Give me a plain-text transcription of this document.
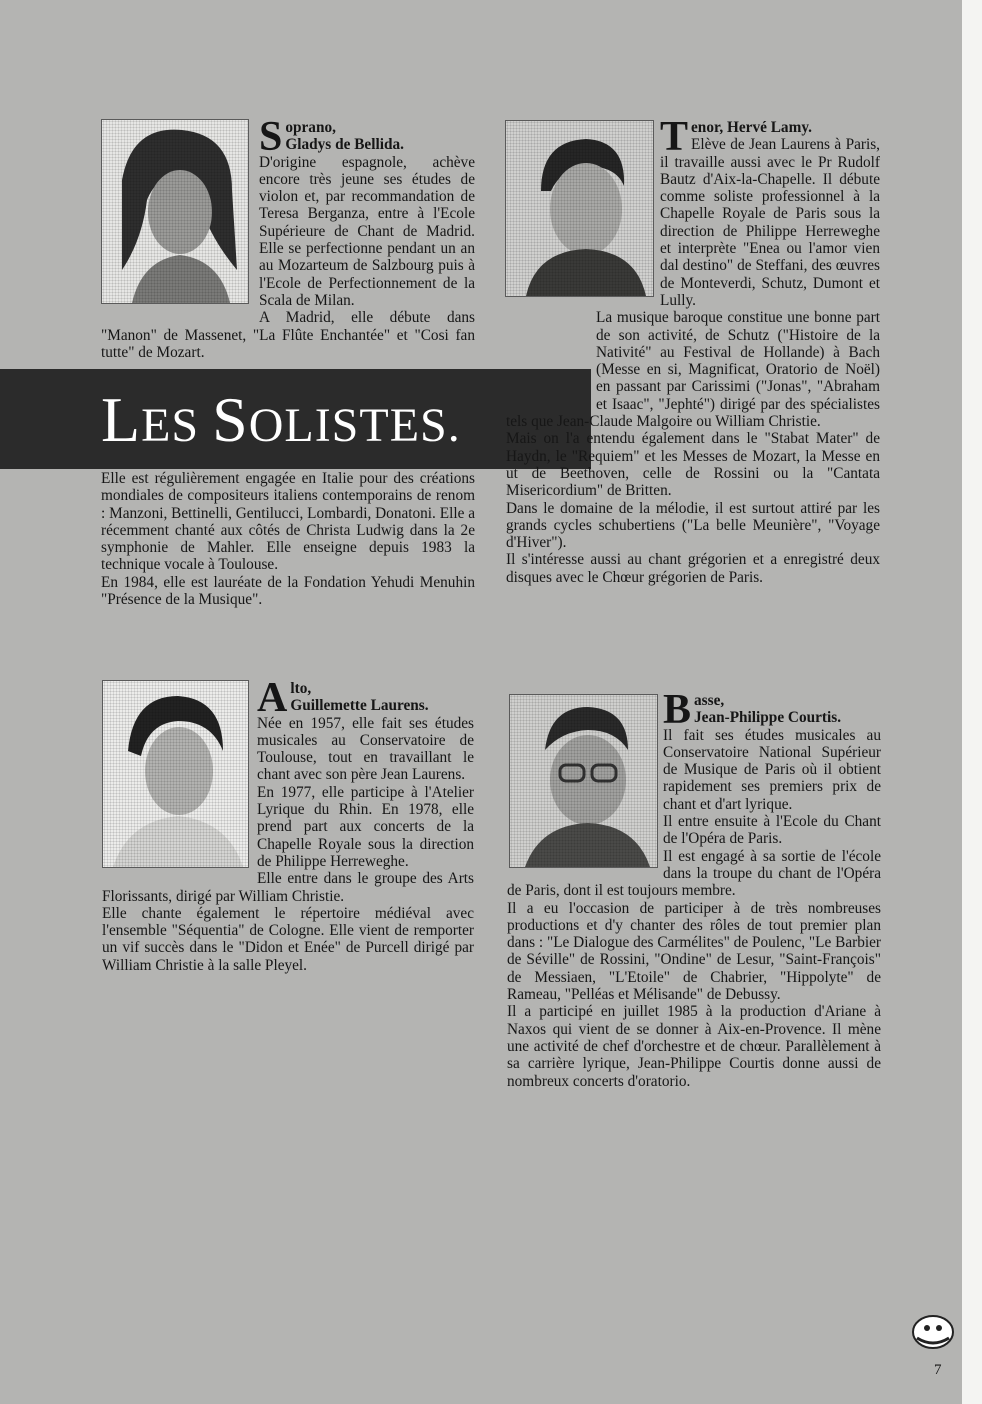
S oprano,
Gladys de Bellida.
D'origine espagnole, achève encore très jeune ses études de violon et, par recommandation de Teresa Berganza, entre à l'Ecole Supérieure de Chant de Madrid. Elle se perfectionne pendant un an au Mozarteum de Salzbourg puis à l'Ecole de Perfectionnement de la Scala de Milan.

A Madrid, elle débute dans "Manon" de Massenet, "La Flûte Enchantée" et "Cosi fan tutte" de Mozart.

LES SOLISTES.

Elle est régulièrement engagée en Italie pour des créations mondiales de compositeurs italiens contemporains de renom : Manzoni, Bettinelli, Gentilucci, Lombardi, Donatoni. Elle a récemment chanté aux côtés de Christa Ludwig dans la 2e symphonie de Mahler. Elle enseigne depuis 1983 la technique vocale à Toulouse.

En 1984, elle est lauréate de la Fondation Yehudi Menuhin "Présence de la Musique".

T enor, Hervé Lamy.
Elève de Jean Laurens à Paris, il travaille aussi avec le Pr Rudolf Bautz d'Aix-la-Chapelle. Il débute comme soliste professionnel à la Chapelle Royale de Paris sous la direction de Philippe Herreweghe et interprète "Enea ou l'amor vien dal destino" de Steffani, des œuvres de Monteverdi, Schutz, Dumont et Lully.

La musique baroque constitue une bonne part de son activité, de Schutz ("Histoire de la Nativité" au Festival de Hollande) à Bach (Messe en si, Magnificat, Oratorio de Noël) en passant par Carissimi ("Jonas", "Abraham et Isaac", "Jephté") dirigé par des spécialistes tels que Jean-Claude Malgoire ou William Christie.

Mais on l'a entendu également dans le "Stabat Mater" de Haydn, le "Requiem" et les Messes de Mozart, la Messe en ut de Beethoven, celle de Rossini ou la "Cantata Misericordium" de Britten.

Dans le domaine de la mélodie, il est surtout attiré par les grands cycles schubertiens ("La belle Meunière", "Voyage d'Hiver").

Il s'intéresse aussi au chant grégorien et a enregistré deux disques avec le Chœur grégorien de Paris.

A lto,
Guillemette Laurens.
Née en 1957, elle fait ses études musicales au Conservatoire de Toulouse, tout en travaillant le chant avec son père Jean Laurens.

En 1977, elle participe à l'Atelier Lyrique du Rhin. En 1978, elle prend part aux concerts de la Chapelle Royale sous la direction de Philippe Herreweghe.

Elle entre dans le groupe des Arts Florissants, dirigé par William Christie.

Elle chante également le répertoire médiéval avec l'ensemble "Séquentia" de Cologne. Elle vient de remporter un vif succès dans le "Didon et Enée" de Purcell dirigé par William Christie à la salle Pleyel.

B asse,
Jean-Philippe Courtis.
Il fait ses études musicales au Conservatoire National Supérieur de Musique de Paris où il obtient rapidement ses premiers prix de chant et d'art lyrique.

Il entre ensuite à l'Ecole du Chant de l'Opéra de Paris.

Il est engagé à sa sortie de l'école dans la troupe du chant de l'Opéra de Paris, dont il est toujours membre.

Il a eu l'occasion de participer à de très nombreuses productions et d'y chanter des rôles de tout premier plan dans : "Le Dialogue des Carmélites" de Poulenc, "Le Barbier de Séville" de Rossini, "Ondine" de Lesur, "Saint-François" de Messiaen, "L'Etoile" de Chabrier, "Hippolyte" de Rameau, "Pelléas et Mélisande" de Debussy.

Il a participé en juillet 1985 à la production d'Ariane à Naxos qui vient de se donner à Aix-en-Provence. Il mène une activité de chef d'orchestre et de chœur. Parallèlement à sa carrière lyrique, Jean-Philippe Courtis donne aussi de nombreux concerts d'oratorio.

7
